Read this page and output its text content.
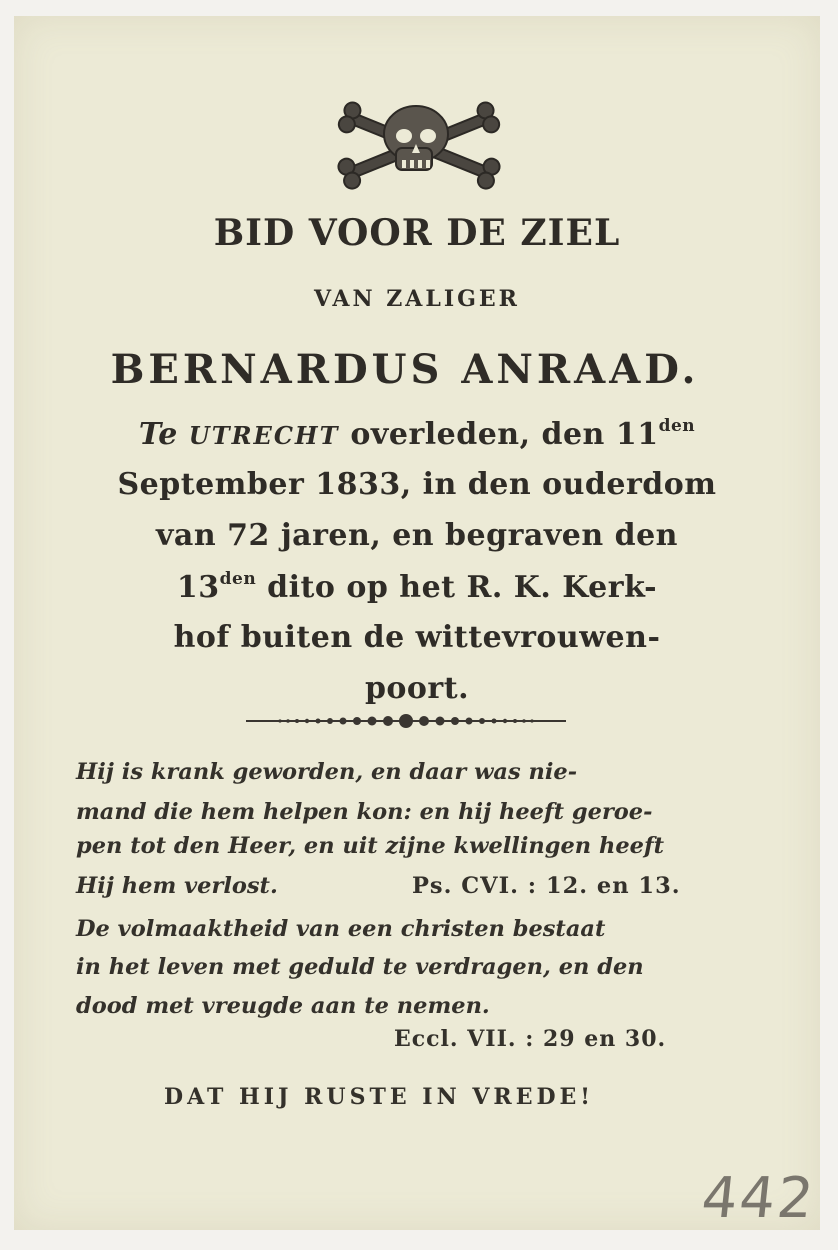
BID VOOR DE ZIEL
VAN ZALIGER
BERNARDUS ANRAAD.
Te UTRECHT overleden, den $11^{den}$
September 1833, in den ouderdom
van 72 jaren, en begraven den
$13^{den}$ dito op het R. K. Kerk-
hof buiten de wittevrouwen-
poort.
Hij is krank geworden, en daar was nie-
mand die hem helpen kon: en hij heeft geroe-
pen tot den Heer, en uit zijne kwellingen heeft
Hij hem verlost.	Ps. CVI. : 12. en 13.
De volmaaktheid van een christen bestaat
in het leven met geduld te verdragen, en den
dood met vreugde aan te nemen.
Eccl. VII. : 29 en 30.
DAT HIJ RUSTE IN VREDE!
442
